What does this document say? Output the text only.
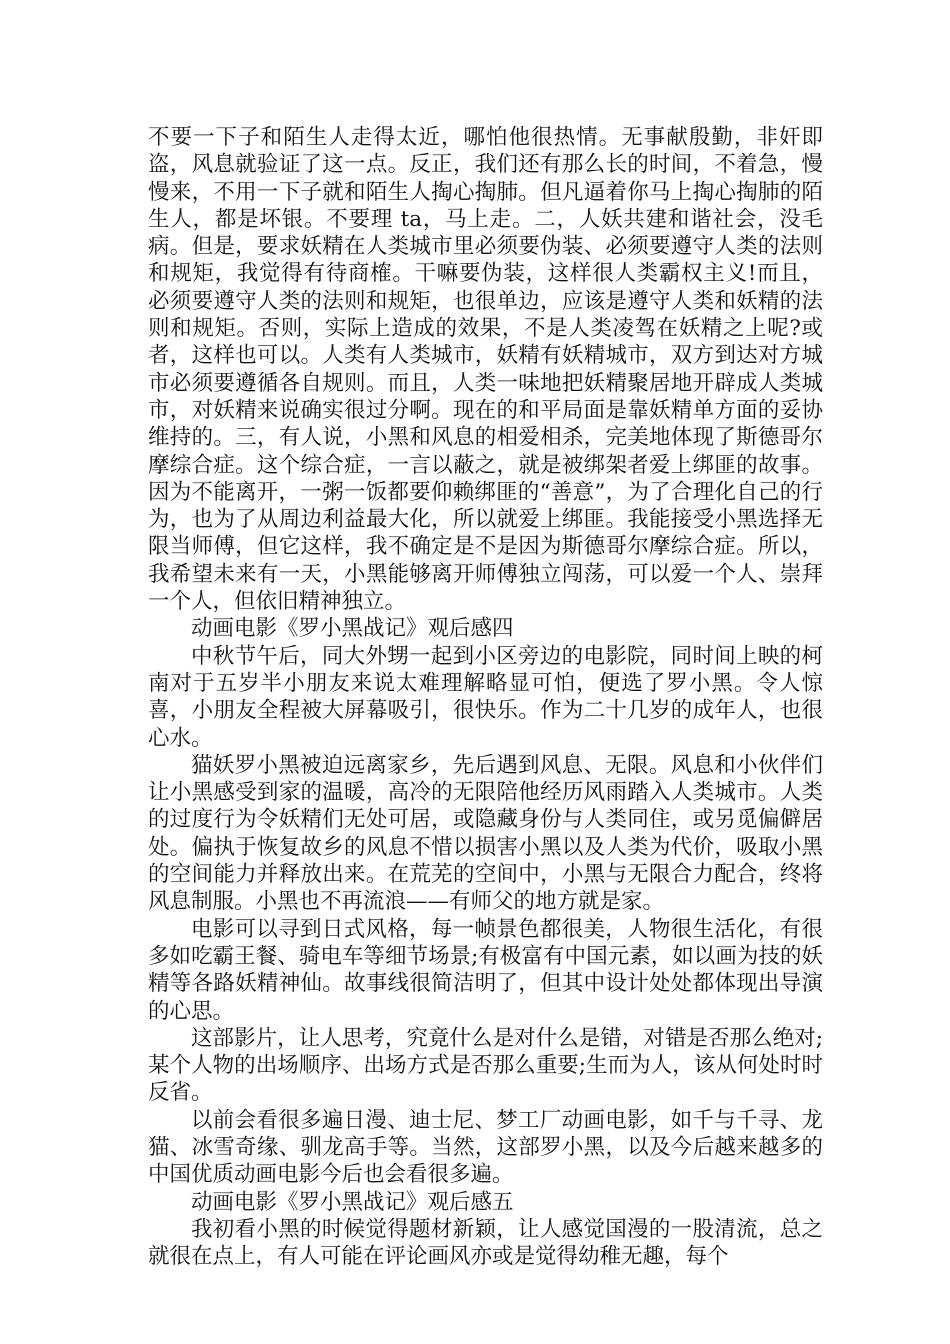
不要一下子和陌生人走得太近，哪怕他很热情。无事献殷勤，非奸即盗，风息就验证了这一点。反正，我们还有那么长的时间，不着急，慢慢来，不用一下子就和陌生人掏心掏肺。但凡逼着你马上掏心掏肺的陌生人，都是坏银。不要理 ta，马上走。二，人妖共建和谐社会，没毛病。但是，要求妖精在人类城市里必须要伪装、必须要遵守人类的法则和规矩，我觉得有待商榷。干嘛要伪装，这样很人类霸权主义!而且，必须要遵守人类的法则和规矩，也很单边，应该是遵守人类和妖精的法则和规矩。否则，实际上造成的效果，不是人类凌驾在妖精之上呢?或者，这样也可以。人类有人类城市，妖精有妖精城市，双方到达对方城市必须要遵循各自规则。而且，人类一味地把妖精聚居地开辟成人类城市，对妖精来说确实很过分啊。现在的和平局面是靠妖精单方面的妥协维持的。三，有人说，小黑和风息的相爱相杀，完美地体现了斯德哥尔摩综合症。这个综合症，一言以蔽之，就是被绑架者爱上绑匪的故事。因为不能离开，一粥一饭都要仰赖绑匪的“善意”，为了合理化自己的行为，也为了从周边利益最大化，所以就爱上绑匪。我能接受小黑选择无限当师傅，但它这样，我不确定是不是因为斯德哥尔摩综合症。所以，我希望未来有一天，小黑能够离开师傅独立闯荡，可以爱一个人、崇拜一个人，但依旧精神独立。

动画电影《罗小黑战记》观后感四

中秋节午后，同大外甥一起到小区旁边的电影院，同时间上映的柯南对于五岁半小朋友来说太难理解略显可怕，便选了罗小黑。令人惊喜，小朋友全程被大屏幕吸引，很快乐。作为二十几岁的成年人，也很心水。

猫妖罗小黑被迫远离家乡，先后遇到风息、无限。风息和小伙伴们让小黑感受到家的温暖，高冷的无限陪他经历风雨踏入人类城市。人类的过度行为令妖精们无处可居，或隐藏身份与人类同住，或另觅偏僻居处。偏执于恢复故乡的风息不惜以损害小黑以及人类为代价，吸取小黑的空间能力并释放出来。在荒芜的空间中，小黑与无限合力配合，终将风息制服。小黑也不再流浪——有师父的地方就是家。

电影可以寻到日式风格，每一帧景色都很美，人物很生活化，有很多如吃霸王餐、骑电车等细节场景;有极富有中国元素，如以画为技的妖精等各路妖精神仙。故事线很简洁明了，但其中设计处处都体现出导演的心思。

这部影片，让人思考，究竟什么是对什么是错，对错是否那么绝对;某个人物的出场顺序、出场方式是否那么重要;生而为人，该从何处时时反省。

以前会看很多遍日漫、迪士尼、梦工厂动画电影，如千与千寻、龙猫、冰雪奇缘、驯龙高手等。当然，这部罗小黑，以及今后越来越多的中国优质动画电影今后也会看很多遍。

动画电影《罗小黑战记》观后感五

我初看小黑的时候觉得题材新颖，让人感觉国漫的一股清流，总之就很在点上，有人可能在评论画风亦或是觉得幼稚无趣，每个
